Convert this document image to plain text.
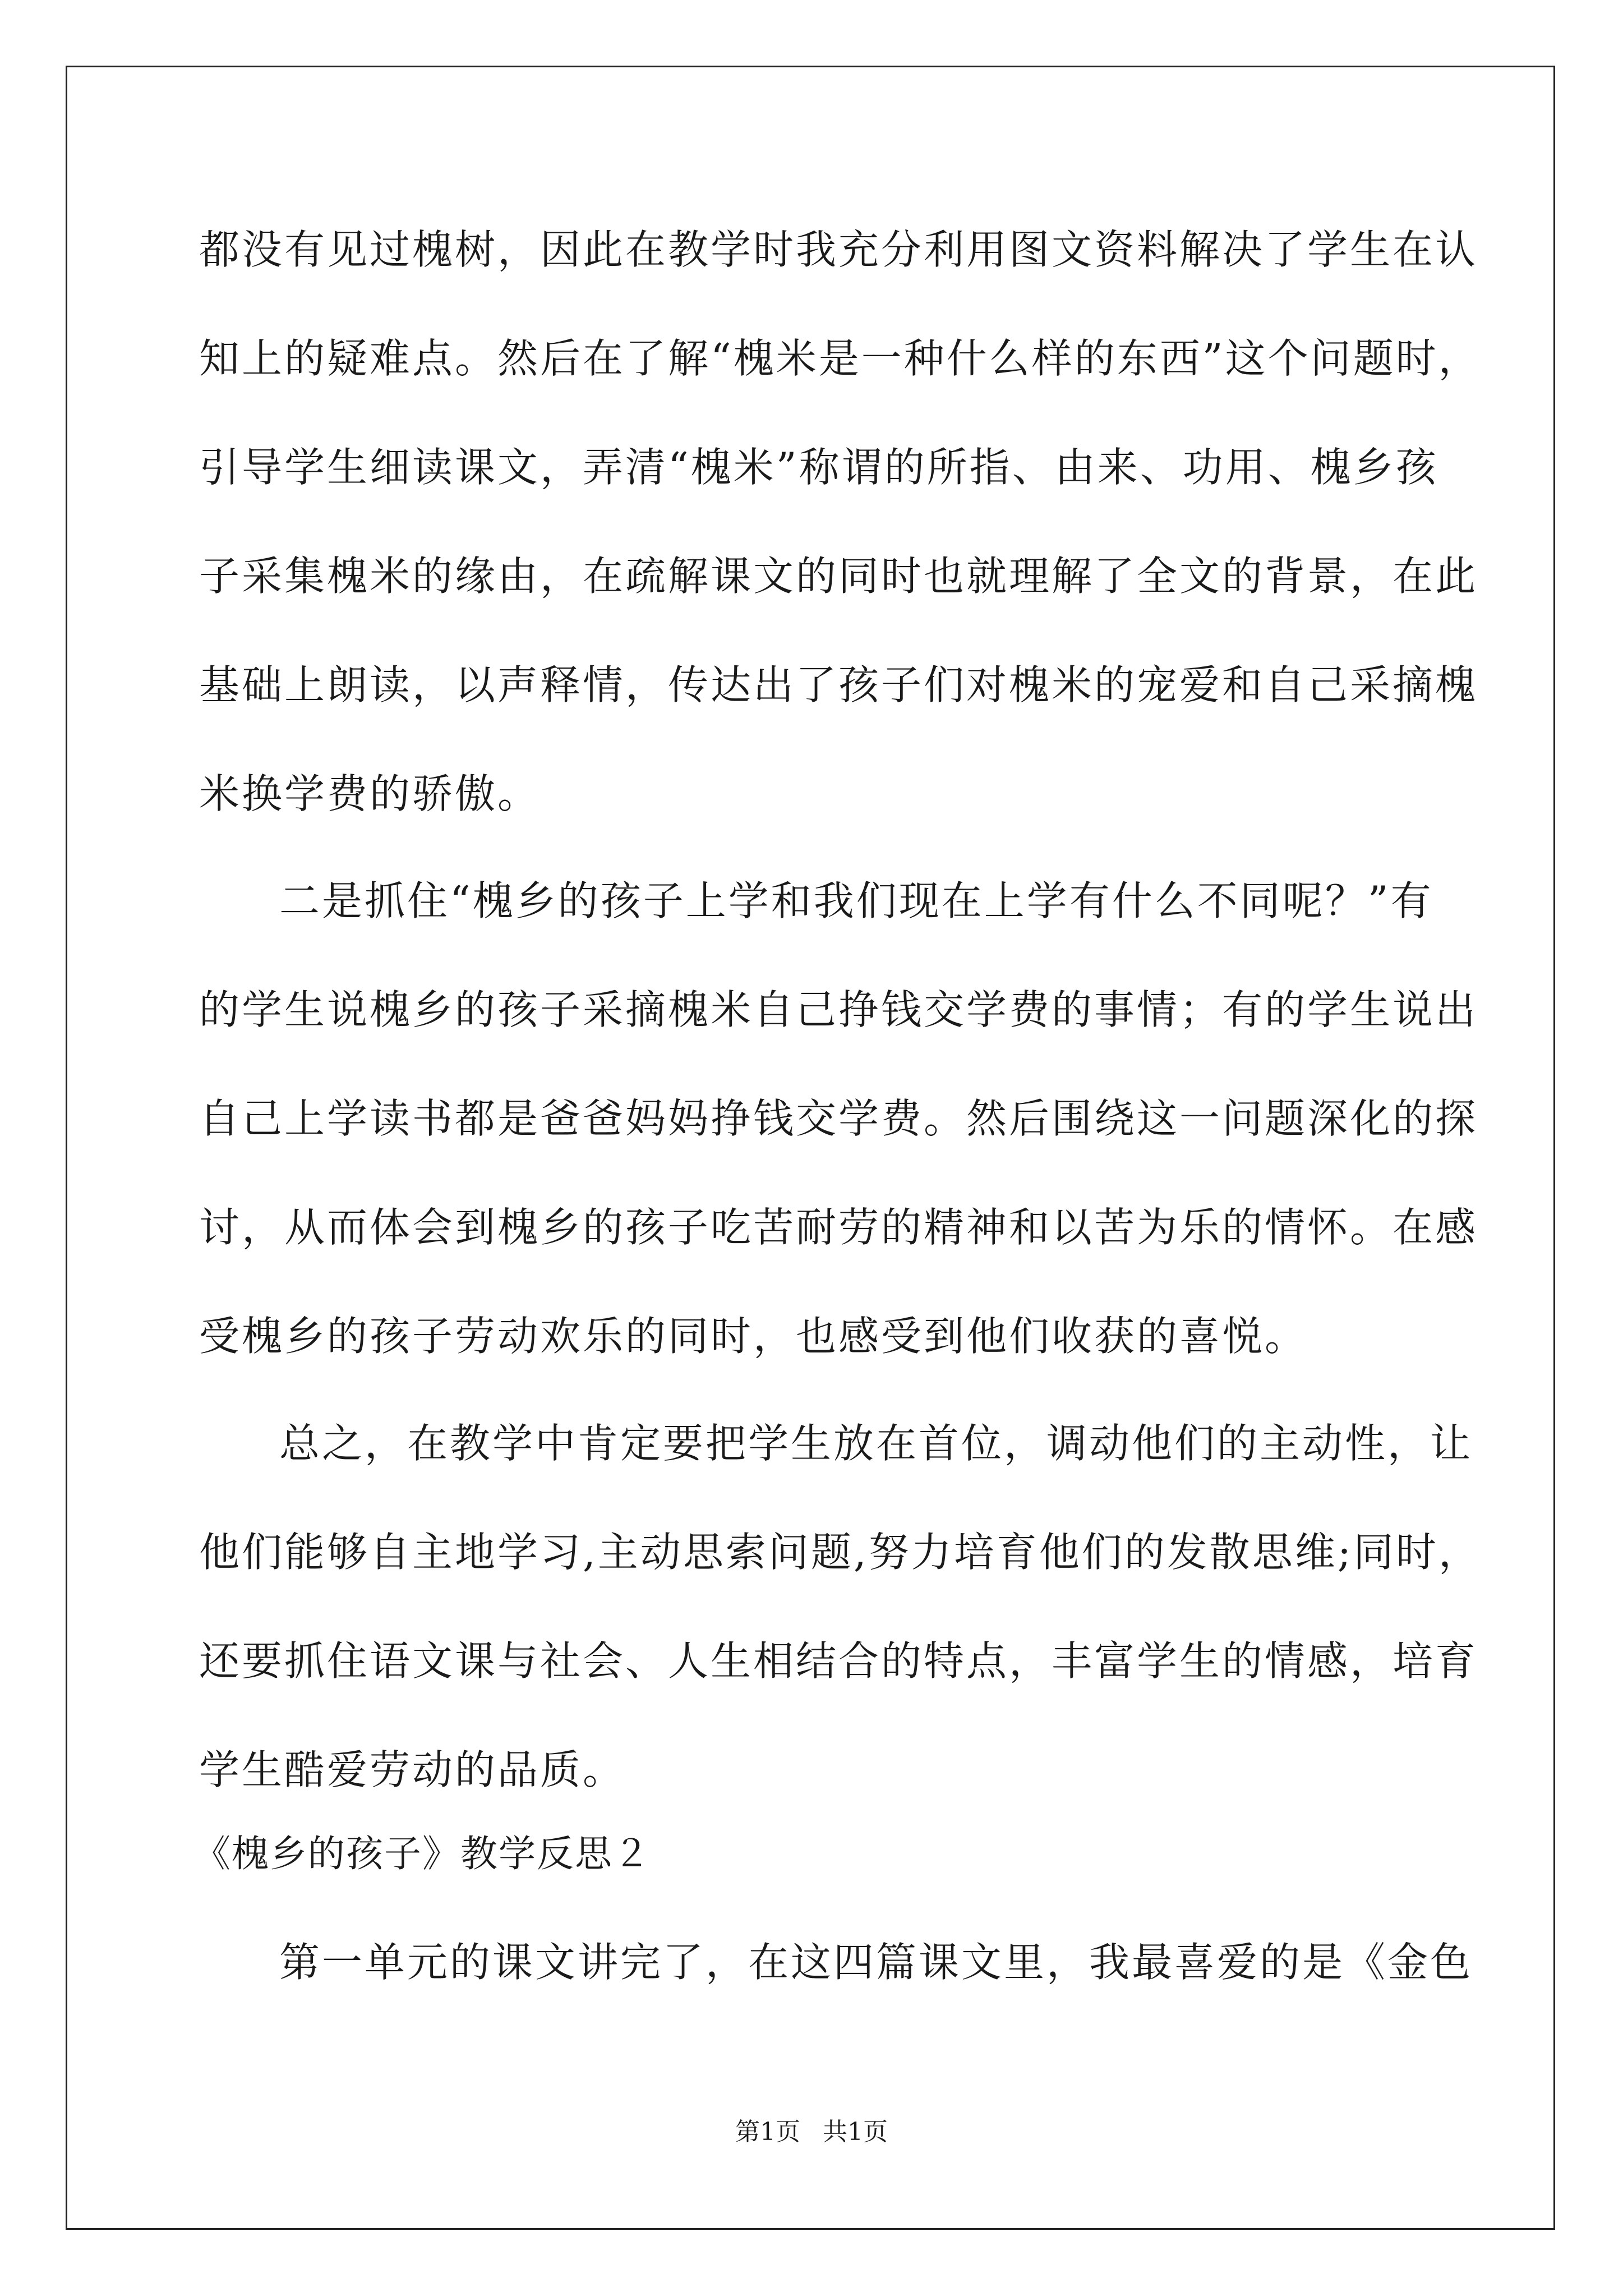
都没有见过槐树，因此在教学时我充分利用图文资料解决了学生在认
知上的疑难点。然后在了解“槐米是一种什么样的东西”这个问题时，
引导学生细读课文，弄清“槐米”称谓的所指、由来、功用、槐乡孩
子采集槐米的缘由，在疏解课文的同时也就理解了全文的背景，在此
基础上朗读，以声释情，传达出了孩子们对槐米的宠爱和自己采摘槐
米换学费的骄傲。
二是抓住“槐乡的孩子上学和我们现在上学有什么不同呢？”有
的学生说槐乡的孩子采摘槐米自己挣钱交学费的事情；有的学生说出
自己上学读书都是爸爸妈妈挣钱交学费。然后围绕这一问题深化的探
讨，从而体会到槐乡的孩子吃苦耐劳的精神和以苦为乐的情怀。在感
受槐乡的孩子劳动欢乐的同时，也感受到他们收获的喜悦。
总之，在教学中肯定要把学生放在首位，调动他们的主动性，让
他们能够自主地学习,主动思索问题,努力培育他们的发散思维;同时，
还要抓住语文课与社会、人生相结合的特点，丰富学生的情感，培育
学生酷爱劳动的品质。
《槐乡的孩子》教学反思２
第一单元的课文讲完了，在这四篇课文里，我最喜爱的是《金色
第1页 共1页
